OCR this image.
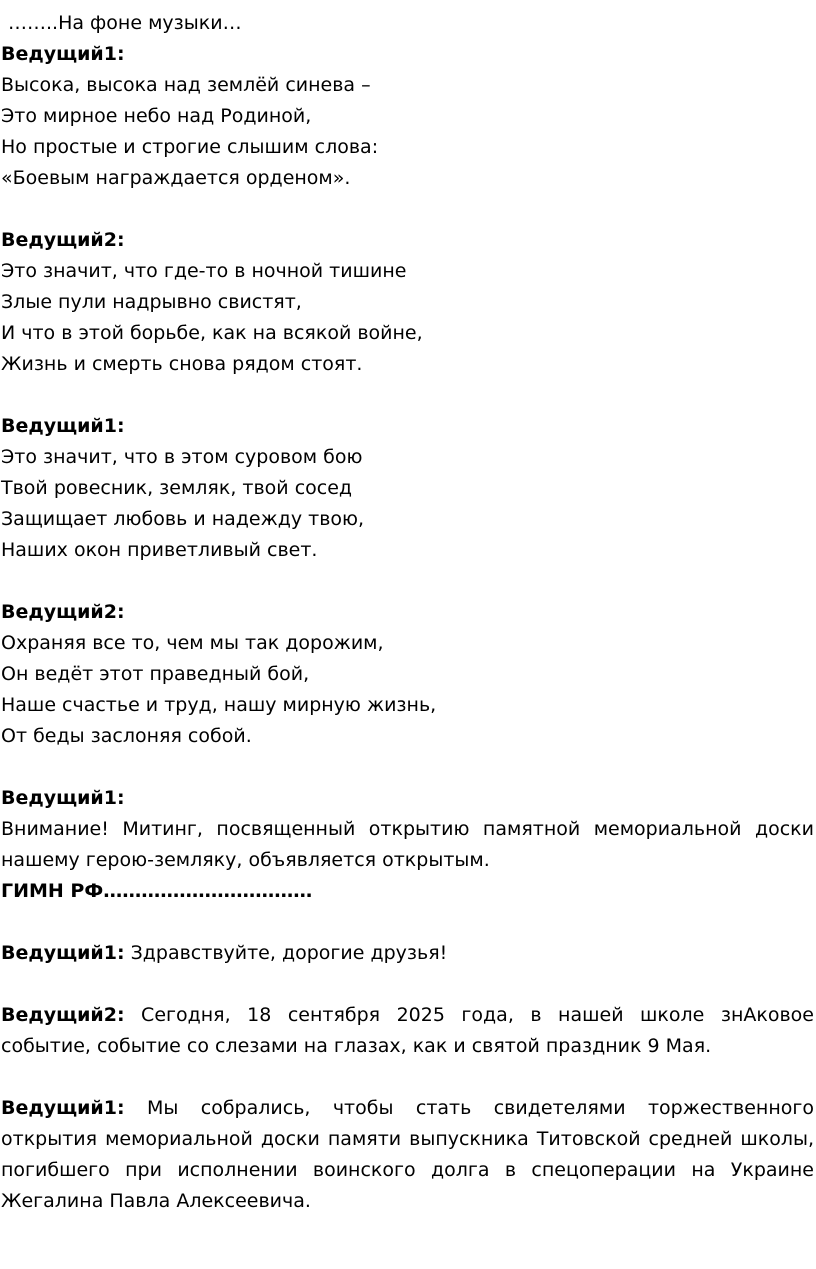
……..На фоне музыки…
Ведущий1:
Высока, высока над землёй синева –
Это мирное небо над Родиной,
Но простые и строгие слышим слова:
«Боевым награждается орденом».
Ведущий2:
Это значит, что где-то в ночной тишине
Злые пули надрывно свистят,
И что в этой борьбе, как на всякой войне,
Жизнь и смерть снова рядом стоят.
Ведущий1:
Это значит, что в этом суровом бою
Твой ровесник, земляк, твой сосед
Защищает любовь и надежду твою,
Наших окон приветливый свет.
Ведущий2:
Охраняя все то, чем мы так дорожим,
Он ведёт этот праведный бой,
Наше счастье и труд, нашу мирную жизнь,
От беды заслоняя собой.
Ведущий1:
Внимание! Митинг, посвященный открытию памятной мемориальной доски нашему герою-земляку, объявляется открытым.
ГИМН РФ……………………………

Ведущий1: Здравствуйте, дорогие друзья!

Ведущий2: Сегодня, 18 сентября 2025 года, в нашей школе знАковое событие, событие со слезами на глазах, как и святой праздник 9 Мая.

Ведущий1: Мы собрались, чтобы стать свидетелями торжественного открытия мемориальной доски памяти выпускника Титовской средней школы, погибшего при исполнении воинского долга в спецоперации на Украине Жегалина Павла Алексеевича.
